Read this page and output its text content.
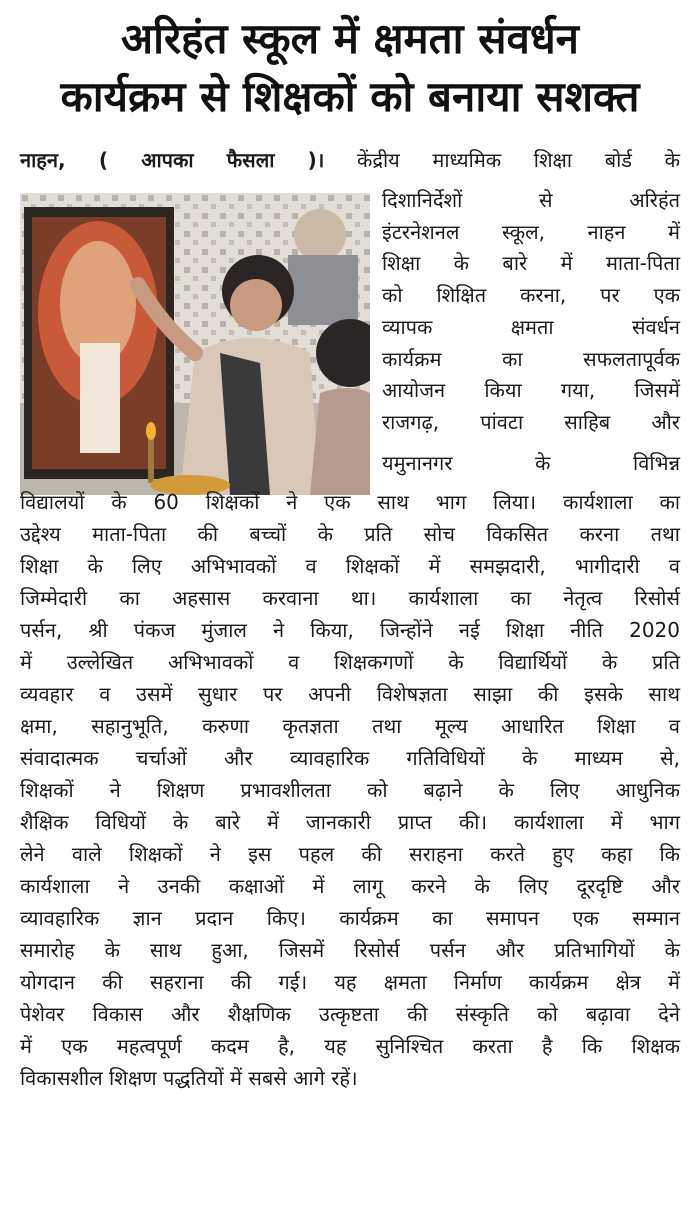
अरिहंत स्कूल में क्षमता संवर्धन
कार्यक्रम से शिक्षकों को बनाया सशक्त
नाहन, ( आपका फैसला )। केंद्रीय माध्यमिक शिक्षा बोर्ड के
दिशानिर्देशों से अरिहंत
इंटरनेशनल स्कूल, नाहन में
शिक्षा के बारे में माता-पिता
को शिक्षित करना, पर एक
व्यापक क्षमता संवर्धन
कार्यक्रम का सफलतापूर्वक
आयोजन किया गया, जिसमें
राजगढ़, पांवटा साहिब और
यमुनानगर के विभिन्न
विद्यालयों के 60 शिक्षकों ने एक साथ भाग लिया। कार्यशाला का
उद्देश्य माता-पिता की बच्चों के प्रति सोच विकसित करना तथा
शिक्षा के लिए अभिभावकों व शिक्षकों में समझदारी, भागीदारी व
जिम्मेदारी का अहसास करवाना था। कार्यशाला का नेतृत्व रिसोर्स
पर्सन, श्री पंकज मुंजाल ने किया, जिन्होंने नई शिक्षा नीति 2020
में उल्लेखित अभिभावकों व शिक्षकगणों के विद्यार्थियों के प्रति
व्यवहार व उसमें सुधार पर अपनी विशेषज्ञता साझा की इसके साथ
क्षमा, सहानुभूति, करुणा कृतज्ञता तथा मूल्य आधारित शिक्षा व
संवादात्मक चर्चाओं और व्यावहारिक गतिविधियों के माध्यम से,
शिक्षकों ने शिक्षण प्रभावशीलता को बढ़ाने के लिए आधुनिक
शैक्षिक विधियों के बारे में जानकारी प्राप्त की। कार्यशाला में भाग
लेने वाले शिक्षकों ने इस पहल की सराहना करते हुए कहा कि
कार्यशाला ने उनकी कक्षाओं में लागू करने के लिए दूरदृष्टि और
व्यावहारिक ज्ञान प्रदान किए। कार्यक्रम का समापन एक सम्मान
समारोह के साथ हुआ, जिसमें रिसोर्स पर्सन और प्रतिभागियों के
योगदान की सहराना की गई। यह क्षमता निर्माण कार्यक्रम क्षेत्र में
पेशेवर विकास और शैक्षणिक उत्कृष्टता की संस्कृति को बढ़ावा देने
में एक महत्वपूर्ण कदम है, यह सुनिश्चित करता है कि शिक्षक
विकासशील शिक्षण पद्धतियों में सबसे आगे रहें।
